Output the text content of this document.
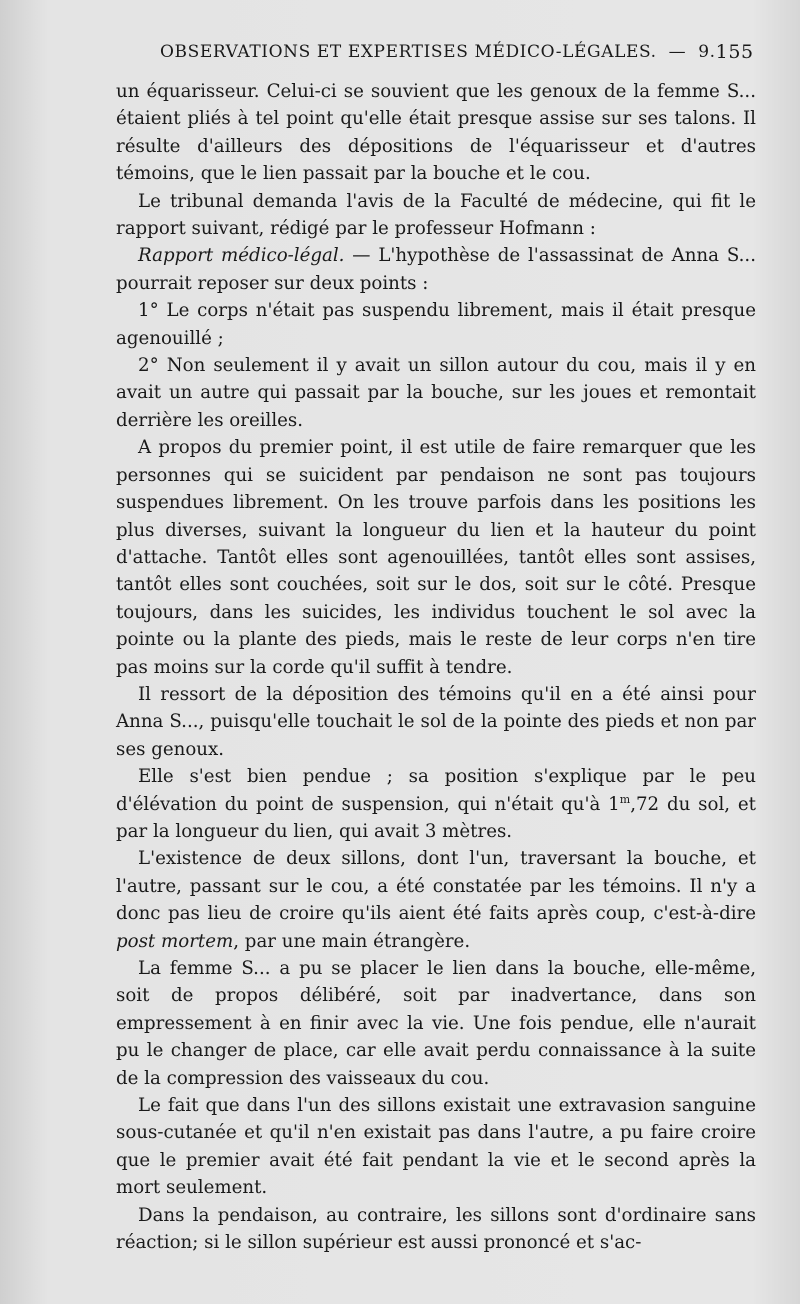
OBSERVATIONS ET EXPERTISES MÉDICO-LÉGALES. — 9. 155

un équarisseur. Celui-ci se souvient que les genoux de la femme S... étaient pliés à tel point qu'elle était presque assise sur ses talons. Il résulte d'ailleurs des dépositions de l'équarisseur et d'autres témoins, que le lien passait par la bouche et le cou.

Le tribunal demanda l'avis de la Faculté de médecine, qui fit le rapport suivant, rédigé par le professeur Hofmann :

Rapport médico-légal. — L'hypothèse de l'assassinat de Anna S... pourrait reposer sur deux points :

1° Le corps n'était pas suspendu librement, mais il était presque agenouillé ;

2° Non seulement il y avait un sillon autour du cou, mais il y en avait un autre qui passait par la bouche, sur les joues et remontait derrière les oreilles.

A propos du premier point, il est utile de faire remarquer que les personnes qui se suicident par pendaison ne sont pas toujours suspendues librement. On les trouve parfois dans les positions les plus diverses, suivant la longueur du lien et la hauteur du point d'attache. Tantôt elles sont agenouillées, tantôt elles sont assises, tantôt elles sont couchées, soit sur le dos, soit sur le côté. Presque toujours, dans les suicides, les individus touchent le sol avec la pointe ou la plante des pieds, mais le reste de leur corps n'en tire pas moins sur la corde qu'il suffit à tendre.

Il ressort de la déposition des témoins qu'il en a été ainsi pour Anna S..., puisqu'elle touchait le sol de la pointe des pieds et non par ses genoux.

Elle s'est bien pendue ; sa position s'explique par le peu d'élévation du point de suspension, qui n'était qu'à 1$^m$,72 du sol, et par la longueur du lien, qui avait 3 mètres.

L'existence de deux sillons, dont l'un, traversant la bouche, et l'autre, passant sur le cou, a été constatée par les témoins. Il n'y a donc pas lieu de croire qu'ils aient été faits après coup, c'est-à-dire post mortem, par une main étrangère.

La femme S... a pu se placer le lien dans la bouche, elle-même, soit de propos délibéré, soit par inadvertance, dans son empressement à en finir avec la vie. Une fois pendue, elle n'aurait pu le changer de place, car elle avait perdu connaissance à la suite de la compression des vaisseaux du cou.

Le fait que dans l'un des sillons existait une extravasion sanguine sous-cutanée et qu'il n'en existait pas dans l'autre, a pu faire croire que le premier avait été fait pendant la vie et le second après la mort seulement.

Dans la pendaison, au contraire, les sillons sont d'ordinaire sans réaction; si le sillon supérieur est aussi prononcé et s'ac-
